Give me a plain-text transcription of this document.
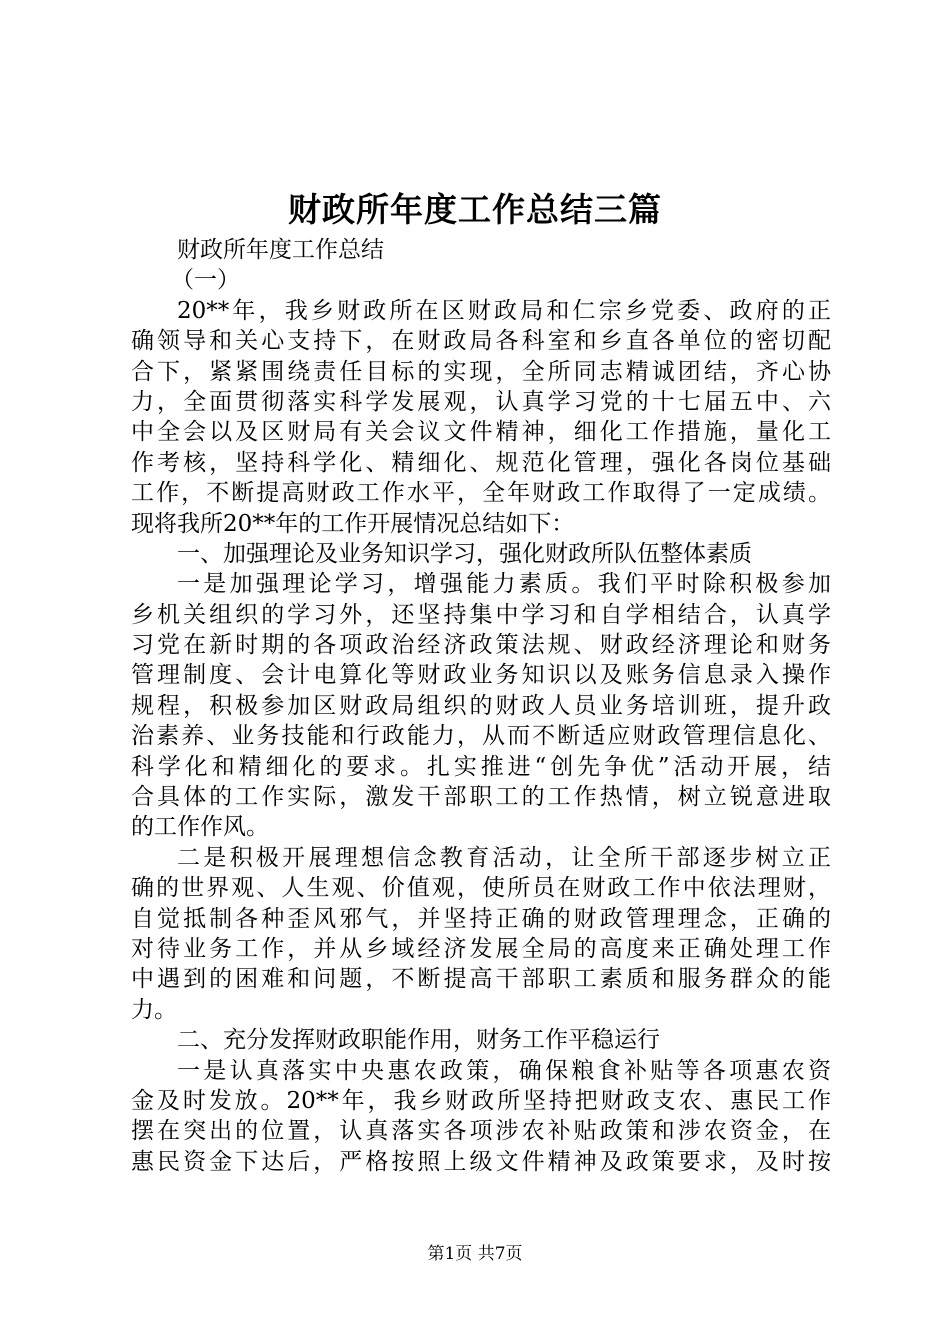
财政所年度工作总结三篇
财政所年度工作总结
（一）
20**年，我乡财政所在区财政局和仁宗乡党委、政府的正
确领导和关心支持下，在财政局各科室和乡直各单位的密切配
合下，紧紧围绕责任目标的实现，全所同志精诚团结，齐心协
力，全面贯彻落实科学发展观，认真学习党的十七届五中、六
中全会以及区财局有关会议文件精神，细化工作措施，量化工
作考核，坚持科学化、精细化、规范化管理，强化各岗位基础
工作，不断提高财政工作水平，全年财政工作取得了一定成绩。
现将我所20**年的工作开展情况总结如下：
一、加强理论及业务知识学习，强化财政所队伍整体素质
一是加强理论学习，增强能力素质。我们平时除积极参加
乡机关组织的学习外，还坚持集中学习和自学相结合，认真学
习党在新时期的各项政治经济政策法规、财政经济理论和财务
管理制度、会计电算化等财政业务知识以及账务信息录入操作
规程，积极参加区财政局组织的财政人员业务培训班，提升政
治素养、业务技能和行政能力，从而不断适应财政管理信息化、
科学化和精细化的要求。扎实推进“创先争优”活动开展，结
合具体的工作实际，激发干部职工的工作热情，树立锐意进取
的工作作风。
二是积极开展理想信念教育活动，让全所干部逐步树立正
确的世界观、人生观、价值观，使所员在财政工作中依法理财，
自觉抵制各种歪风邪气，并坚持正确的财政管理理念，正确的
对待业务工作，并从乡域经济发展全局的高度来正确处理工作
中遇到的困难和问题，不断提高干部职工素质和服务群众的能
力。
二、充分发挥财政职能作用，财务工作平稳运行
一是认真落实中央惠农政策，确保粮食补贴等各项惠农资
金及时发放。20**年，我乡财政所坚持把财政支农、惠民工作
摆在突出的位置，认真落实各项涉农补贴政策和涉农资金，在
惠民资金下达后，严格按照上级文件精神及政策要求，及时按
第1页 共7页
